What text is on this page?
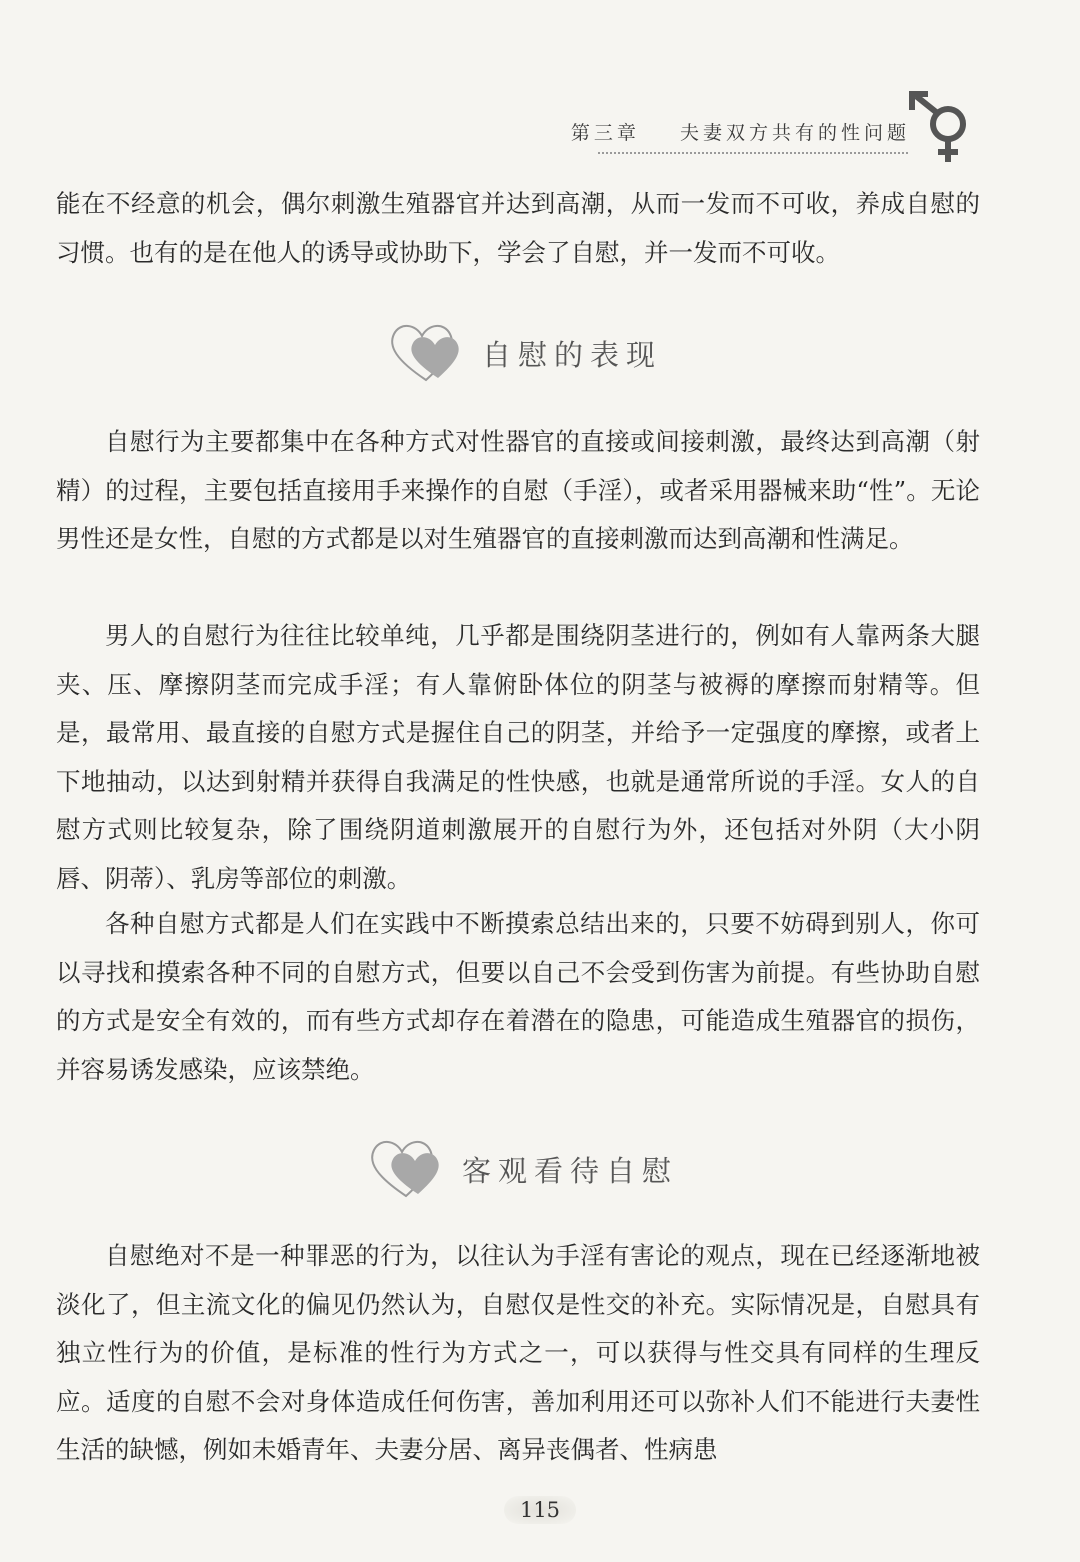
第三章 夫妻双方共有的性问题

能在不经意的机会，偶尔刺激生殖器官并达到高潮，从而一发而不可收，养成自慰的习惯。也有的是在他人的诱导或协助下，学会了自慰，并一发而不可收。

自慰的表现

自慰行为主要都集中在各种方式对性器官的直接或间接刺激，最终达到高潮（射精）的过程，主要包括直接用手来操作的自慰（手淫），或者采用器械来助“性”。无论男性还是女性，自慰的方式都是以对生殖器官的直接刺激而达到高潮和性满足。

男人的自慰行为往往比较单纯，几乎都是围绕阴茎进行的，例如有人靠两条大腿夹、压、摩擦阴茎而完成手淫；有人靠俯卧体位的阴茎与被褥的摩擦而射精等。但是，最常用、最直接的自慰方式是握住自己的阴茎，并给予一定强度的摩擦，或者上下地抽动，以达到射精并获得自我满足的性快感，也就是通常所说的手淫。女人的自慰方式则比较复杂，除了围绕阴道刺激展开的自慰行为外，还包括对外阴（大小阴唇、阴蒂）、乳房等部位的刺激。

各种自慰方式都是人们在实践中不断摸索总结出来的，只要不妨碍到别人，你可以寻找和摸索各种不同的自慰方式，但要以自己不会受到伤害为前提。有些协助自慰的方式是安全有效的，而有些方式却存在着潜在的隐患，可能造成生殖器官的损伤，并容易诱发感染，应该禁绝。

客观看待自慰

自慰绝对不是一种罪恶的行为，以往认为手淫有害论的观点，现在已经逐渐地被淡化了，但主流文化的偏见仍然认为，自慰仅是性交的补充。实际情况是，自慰具有独立性行为的价值，是标准的性行为方式之一，可以获得与性交具有同样的生理反应。适度的自慰不会对身体造成任何伤害，善加利用还可以弥补人们不能进行夫妻性生活的缺憾，例如未婚青年、夫妻分居、离异丧偶者、性病患

115
